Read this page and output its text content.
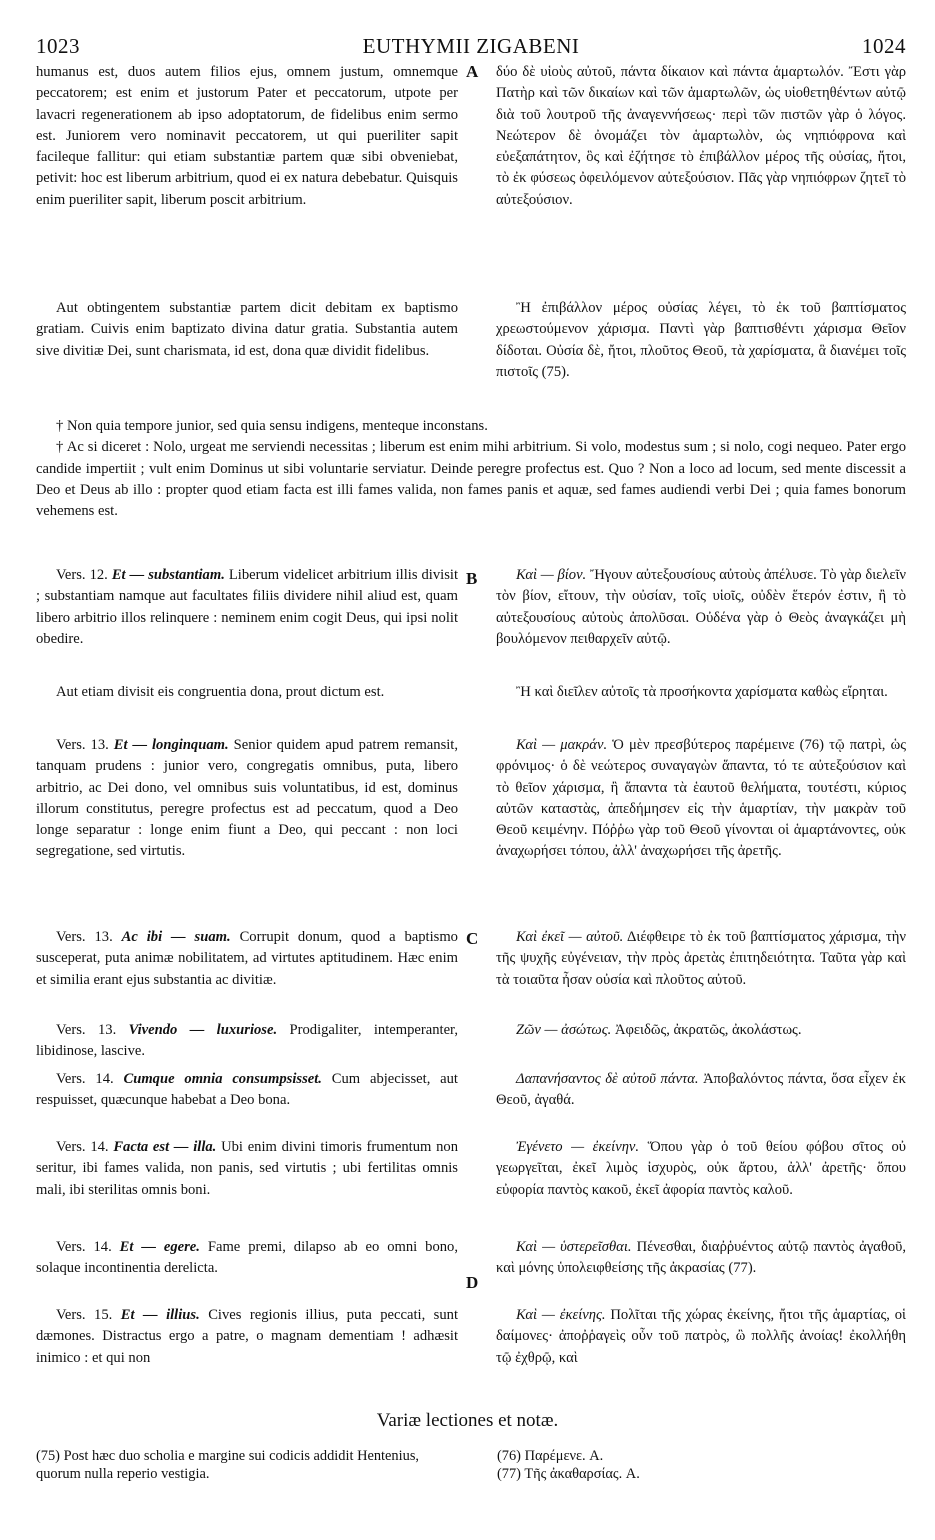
1023	EUTHYMII ZIGABENI	1024
humanus est, duos autem filios ejus, omnem justum, omnemque peccatorem; est enim et justorum Pater et peccatorum, utpote per lavacri regenerationem ab ipso adoptatorum, de fidelibus enim sermo est. Juniorem vero nominavit peccatorem, ut qui pueriliter sapit facileque fallitur: qui etiam substantiæ partem quæ sibi obveniebat, petivit: hoc est liberum arbitrium, quod ei ex natura debebatur. Quisquis enim pueriliter sapit, liberum poscit arbitrium.
A δύο δὲ υἱοὺς αὐτοῦ, πάντα δίκαιον καὶ πάντα ἁμαρτωλόν. Ἔστι γὰρ Πατὴρ καὶ τῶν δικαίων καὶ τῶν ἁμαρτωλῶν, ὡς υἱοθετηθέντων αὐτῷ διὰ τοῦ λουτροῦ τῆς ἀναγεννήσεως· περὶ τῶν πιστῶν γὰρ ὁ λόγος. Νεώτερον δὲ ὀνομάζει τὸν ἁμαρτωλὸν, ὡς νηπιόφρονα καὶ εὐεξαπάτητον, ὃς καὶ ἐζήτησε τὸ ἐπιβάλλον μέρος τῆς οὐσίας, ἤτοι, τὸ ἐκ φύσεως ὀφειλόμενον αὐτεξούσιον. Πᾶς γὰρ νηπιόφρων ζητεῖ τὸ αὐτεξούσιον.
Aut obtingentem substantiæ partem dicit debitam ex baptismo gratiam. Cuivis enim baptizato divina datur gratia. Substantia autem sive divitiæ Dei, sunt charismata, id est, dona quæ dividit fidelibus.
Ἢ ἐπιβάλλον μέρος οὐσίας λέγει, τὸ ἐκ τοῦ βαπτίσματος χρεωστούμενον χάρισμα. Παντὶ γὰρ βαπτισθέντι χάρισμα Θεῖον δίδοται. Οὐσία δὲ, ἤτοι, πλοῦτος Θεοῦ, τὰ χαρίσματα, ἃ διανέμει τοῖς πιστοῖς (75).

† Non quia tempore junior, sed quia sensu indigens, menteque inconstans.

† Ac si diceret : Nolo, urgeat me serviendi necessitas ; liberum est enim mihi arbitrium. Si volo, modestus sum ; si nolo, cogi nequeo. Pater ergo candide impertiit ; vult enim Dominus ut sibi voluntarie serviatur. Deinde peregre profectus est. Quo ? Non a loco ad locum, sed mente discessit a Deo et Deus ab illo : propter quod etiam facta est illi fames valida, non fames panis et aquæ, sed fames audiendi verbi Dei ; quia fames bonorum vehemens est.

Vers. 12. Et — substantiam. Liberum videlicet arbitrium illis divisit ; substantiam namque aut facultates filiis dividere nihil aliud est, quam libero arbitrio illos relinquere : neminem enim cogit Deus, qui ipsi nolit obedire.
B	Καὶ — βίον. Ἤγουν αὐτεξουσίους αὐτοὺς ἀπέλυσε. Τὸ γὰρ διελεῖν τὸν βίον, εἴτουν, τὴν οὐσίαν, τοῖς υἱοῖς, οὐδὲν ἕτερόν ἐστιν, ἢ τὸ αὐτεξουσίους αὐτοὺς ἀπολῦσαι. Οὐδένα γὰρ ὁ Θεὸς ἀναγκάζει μὴ βουλόμενον πειθαρχεῖν αὐτῷ.
Aut etiam divisit eis congruentia dona, prout dictum est.	Ἢ καὶ διεῖλεν αὐτοῖς τὰ προσήκοντα χαρίσματα καθὼς εἴρηται.
Vers. 13. Et — longinquam. Senior quidem apud patrem remansit, tanquam prudens : junior vero, congregatis omnibus, puta, libero arbitrio, ac Dei dono, vel omnibus suis voluntatibus, id est, dominus illorum constitutus, peregre profectus est ad peccatum, quod a Deo longe separatur : longe enim fiunt a Deo, qui peccant : non loci segregatione, sed virtutis.
Καὶ — μακράν. Ὁ μὲν πρεσβύτερος παρέμεινε (76) τῷ πατρὶ, ὡς φρόνιμος· ὁ δὲ νεώτερος συναγαγὼν ἅπαντα, τό τε αὐτεξούσιον καὶ τὸ θεῖον χάρισμα, ἢ ἅπαντα τὰ ἑαυτοῦ θελήματα, τουτέστι, κύριος αὐτῶν καταστὰς, ἀπεδήμησεν εἰς τὴν ἁμαρτίαν, τὴν μακρὰν τοῦ Θεοῦ κειμένην. Πόῤῥω γὰρ τοῦ Θεοῦ γίνονται οἱ ἁμαρτάνοντες, οὐκ ἀναχωρήσει τόπου, ἀλλ' ἀναχωρήσει τῆς ἀρετῆς.
Vers. 13. Ac ibi — suam. Corrupit donum, quod a baptismo susceperat, puta animæ nobilitatem, ad virtutes aptitudinem. Hæc enim et similia erant ejus substantia ac divitiæ.
C	Καὶ ἐκεῖ — αὐτοῦ. Διέφθειρε τὸ ἐκ τοῦ βαπτίσματος χάρισμα, τὴν τῆς ψυχῆς εὐγένειαν, τὴν πρὸς ἀρετὰς ἐπιτηδειότητα. Ταῦτα γὰρ καὶ τὰ τοιαῦτα ἦσαν οὐσία καὶ πλοῦτος αὐτοῦ.
Vers. 13. Vivendo — luxuriose. Prodigaliter, intemperanter, libidinose, lascive.
Ζῶν — ἀσώτως. Ἀφειδῶς, ἀκρατῶς, ἀκολάστως.
Vers. 14. Cumque omnia consumpsisset. Cum abjecisset, aut respuisset, quæcunque habebat a Deo bona.
Δαπανήσαντος δὲ αὐτοῦ πάντα. Ἀποβαλόντος πάντα, ὅσα εἶχεν ἐκ Θεοῦ, ἀγαθά.
Vers. 14. Facta est — illa. Ubi enim divini timoris frumentum non seritur, ibi fames valida, non panis, sed virtutis ; ubi fertilitas omnis mali, ibi sterilitas omnis boni.
Ἐγένετο — ἐκείνην. Ὅπου γὰρ ὁ τοῦ θείου φόβου σῖτος οὐ γεωργεῖται, ἐκεῖ λιμὸς ἰσχυρὸς, οὐκ ἄρτου, ἀλλ' ἀρετῆς· ὅπου εὐφορία παντὸς κακοῦ, ἐκεῖ ἀφορία παντὸς καλοῦ.
Vers. 14. Et — egere. Fame premi, dilapso ab eo omni bono, solaque incontinentia derelicta.
D
Καὶ — ὑστερεῖσθαι. Πένεσθαι, διαῤῥυέντος αὐτῷ παντὸς ἀγαθοῦ, καὶ μόνης ὑπολειφθείσης τῆς ἀκρασίας (77).
Vers. 15. Et — illius. Cives regionis illius, puta peccati, sunt dæmones. Distractus ergo a patre, o magnam dementiam ! adhæsit inimico : et qui non
Καὶ — ἐκείνης. Πολῖται τῆς χώρας ἐκείνης, ἤτοι τῆς ἁμαρτίας, οἱ δαίμονες· ἀποῤῥαγεὶς οὖν τοῦ πατρὸς, ὢ πολλῆς ἀνοίας! ἐκολλήθη τῷ ἐχθρῷ, καὶ
Variæ lectiones et notæ.
(75) Post hæc duo scholia e margine sui codicis addidit Hentenius, quorum nulla reperio vestigia.
(76) Παρέμενε. A.
(77) Τῆς ἀκαθαρσίας. A.
